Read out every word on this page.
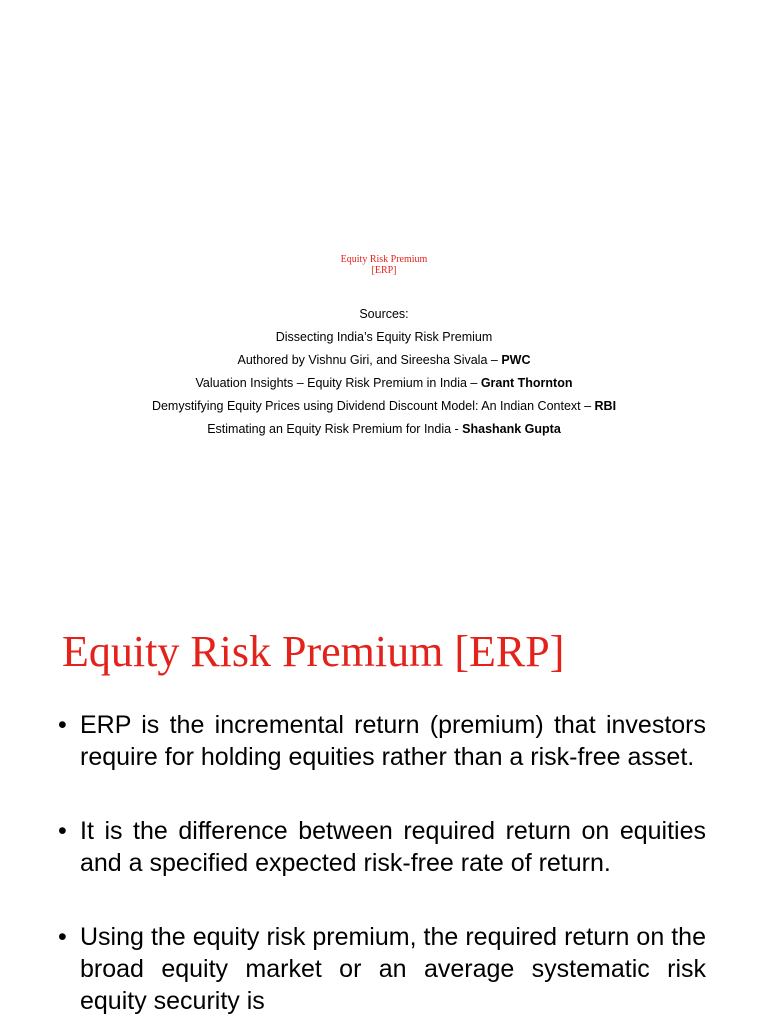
Equity Risk Premium
[ERP]
Sources:
Dissecting India’s Equity Risk Premium
Authored by Vishnu Giri, and Sireesha Sivala – PWC
Valuation Insights – Equity Risk Premium in India – Grant Thornton
Demystifying Equity Prices using Dividend Discount Model: An Indian Context – RBI
Estimating an Equity Risk Premium for India - Shashank Gupta
Equity Risk Premium [ERP]
• ERP is the incremental return (premium) that investors require for holding equities rather than a risk-free asset.
• It is the difference between required return on equities and a specified expected risk-free rate of return.
• Using the equity risk premium, the required return on the broad equity market or an average systematic risk equity security is
